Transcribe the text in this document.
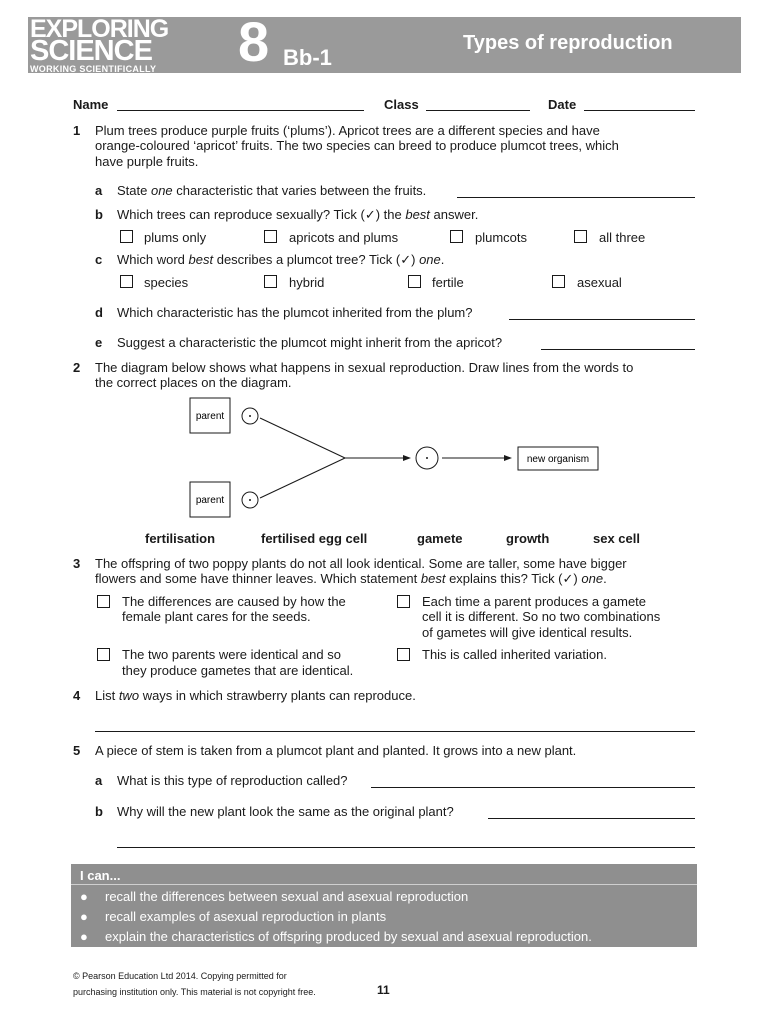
EXPLORING
SCIENCE
WORKING SCIENTIFICALLY 8 Bb-1
Types of reproduction
Name	Class	Date
1 Plum trees produce purple fruits (‘plums’). Apricot trees are a different species and have
orange-coloured ‘apricot’ fruits. The two species can breed to produce plumcot trees, which
have purple fruits.
a State one characteristic that varies between the fruits.
b Which trees can reproduce sexually? Tick (✓) the best answer.
plums only	apricots and plums	plumcots	all three
c Which word best describes a plumcot tree? Tick (✓) one.
species	hybrid	fertile	asexual
d Which characteristic has the plumcot inherited from the plum?
e Suggest a characteristic the plumcot might inherit from the apricot?
2 The diagram below shows what happens in sexual reproduction. Draw lines from the words to
the correct places on the diagram.
parent
parent
new organism
fertilisation	fertilised egg cell	gamete	growth	sex cell
3 The offspring of two poppy plants do not all look identical. Some are taller, some have bigger
flowers and some have thinner leaves. Which statement best explains this? Tick (✓) one.
The differences are caused by how the
female plant cares for the seeds.
Each time a parent produces a gamete
cell it is different. So no two combinations
of gametes will give identical results.
The two parents were identical and so
they produce gametes that are identical.
This is called inherited variation.
4 List two ways in which strawberry plants can reproduce.
5 A piece of stem is taken from a plumcot plant and planted. It grows into a new plant.
a What is this type of reproduction called?
b Why will the new plant look the same as the original plant?
I can...
● recall the differences between sexual and asexual reproduction
● recall examples of asexual reproduction in plants
● explain the characteristics of offspring produced by sexual and asexual reproduction.
© Pearson Education Ltd 2014. Copying permitted for
purchasing institution only. This material is not copyright free.	11
